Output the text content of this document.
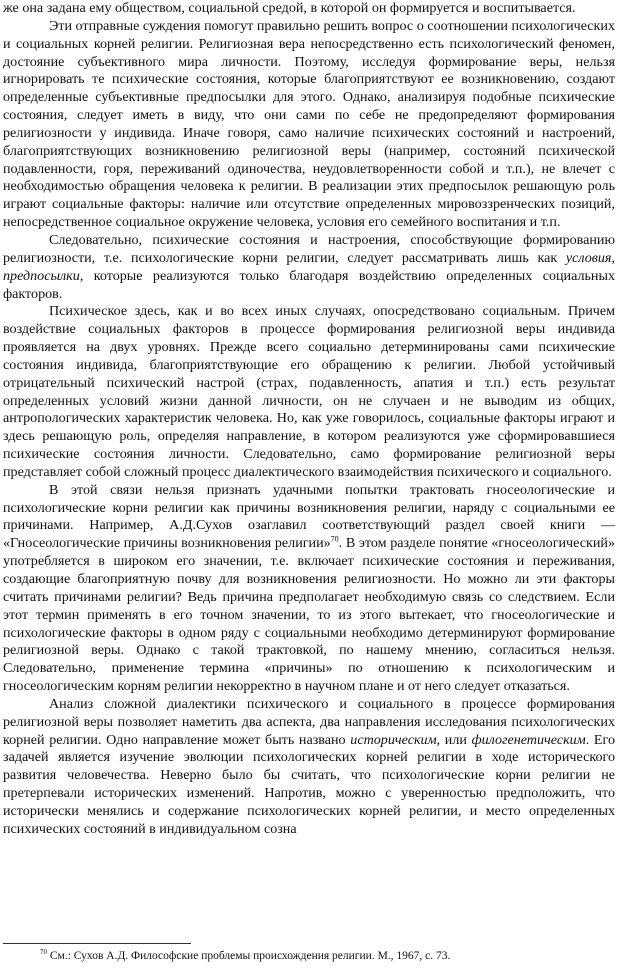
же она задана ему обществом, социальной средой, в которой он формируется и воспитывается.

Эти отправные суждения помогут правильно решить вопрос о соотношении психологических и социальных корней религии. Религиозная вера непосредственно есть психологический феномен, достояние субъективного мира личности. Поэтому, исследуя формирование веры, нельзя игнорировать те психические состояния, которые благоприятствуют ее возникновению, создают определенные субъективные предпосылки для этого. Однако, анализируя подобные психические состояния, следует иметь в виду, что они сами по себе не предопределяют формирования религиозности у индивида. Иначе говоря, само наличие психических состояний и настроений, благоприятствующих возникновению религиозной веры (например, состояний психической подавленности, горя, переживаний одиночества, неудовлетворенности собой и т.п.), не влечет с необходимостью обращения человека к религии. В реализации этих предпосылок решающую роль играют социальные факторы: наличие или отсутствие определенных мировоззренческих позиций, непосредственное социальное окружение человека, условия его семейного воспитания и т.п.

Следовательно, психические состояния и настроения, способствующие формированию религиозности, т.е. психологические корни религии, следует рассматривать лишь как условия, предпосылки, которые реализуются только благодаря воздействию определенных социальных факторов.

Психическое здесь, как и во всех иных случаях, опосредствовано социальным. Причем воздействие социальных факторов в процессе формирования религиозной веры индивида проявляется на двух уровнях. Прежде всего социально детерминированы сами психические состояния индивида, благоприятствующие его обращению к религии. Любой устойчивый отрицательный психический настрой (страх, подавленность, апатия и т.п.) есть результат определенных условий жизни данной личности, он не случаен и не выводим из общих, антропологических характеристик человека. Но, как уже говорилось, социальные факторы играют и здесь решающую роль, определяя направление, в котором реализуются уже сформировавшиеся психические состояния личности. Следовательно, само формирование религиозной веры представляет собой сложный процесс диалектического взаимодействия психического и социального.

В этой связи нельзя признать удачными попытки трактовать гносеологические и психологические корни религии как причины возникновения религии, наряду с социальными ее причинами. Например, А.Д.Сухов озаглавил соответствующий раздел своей книги — «Гносеологические причины возникновения религии»$^{70}$. В этом разделе понятие «гносеологический» употребляется в широком его значении, т.е. включает психические состояния и переживания, создающие благоприятную почву для возникновения религиозности. Но можно ли эти факторы считать причинами религии? Ведь причина предполагает необходимую связь со следствием. Если этот термин применять в его точном значении, то из этого вытекает, что гносеологические и психологические факторы в одном ряду с социальными необходимо детерминируют формирование религиозной веры. Однако с такой трактовкой, по нашему мнению, согласиться нельзя. Следовательно, применение термина «причины» по отношению к психологическим и гносеологическим корням религии некорректно в научном плане и от него следует отказаться.

Анализ сложной диалектики психического и социального в процессе формирования религиозной веры позволяет наметить два аспекта, два направления исследования психологических корней религии. Одно направление может быть названо историческим, или филогенетическим. Его задачей является изучение эволюции психологических корней религии в ходе исторического развития человечества. Неверно было бы считать, что психологические корни религии не претерпевали исторических изменений. Напротив, можно с уверенностью предположить, что исторически менялись и содержание психологических корней религии, и место определенных психических состояний в индивидуальном созна

$^{70}$ См.: Сухов А.Д. Философские проблемы происхождения религии. М., 1967, с. 73.
